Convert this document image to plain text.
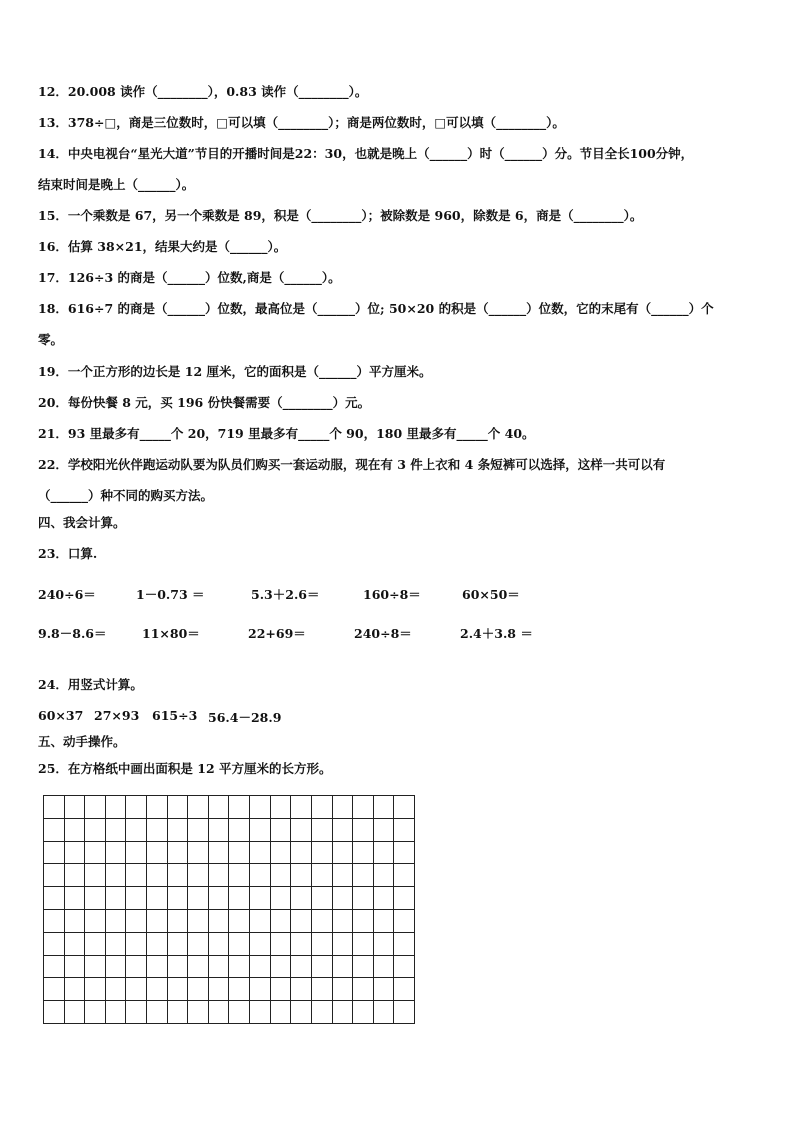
12．20.008 读作（________），0.83 读作（________）。
13．378÷□，商是三位数时，□可以填（________）；商是两位数时，□可以填（________）。
14．中央电视台“星光大道”节目的开播时间是22：30，也就是晚上（______）时（______）分。节目全长100分钟，
结束时间是晚上（______）。
15．一个乘数是 67，另一个乘数是 89，积是（________）；被除数是 960，除数是 6，商是（________）。
16．估算 38×21，结果大约是（______）。
17．126÷3 的商是（______）位数,商是（______）。
18．616÷7 的商是（______）位数，最高位是（______）位; 50×20 的积是（______）位数，它的末尾有（______）个
零。
19．一个正方形的边长是 12 厘米，它的面积是（______）平方厘米。
20．每份快餐 8 元，买 196 份快餐需要（________）元。
21．93 里最多有_____个 20，719 里最多有_____个 90，180 里最多有_____个 40。
22．学校阳光伙伴跑运动队要为队员们购买一套运动服，现在有 3 件上衣和 4 条短裤可以选择，这样一共可以有
（______）种不同的购买方法。
四、我会计算。
23．口算.
240÷6＝	1－0.73 ＝	5.3＋2.6＝	160÷8＝	60×50＝
9.8－8.6＝	11×80＝	22+69＝	240÷8＝	2.4＋3.8 ＝
24．用竖式计算。
60×37 27×93 615÷3 56.4－28.9
五、动手操作。
25．在方格纸中画出面积是 12 平方厘米的长方形。
